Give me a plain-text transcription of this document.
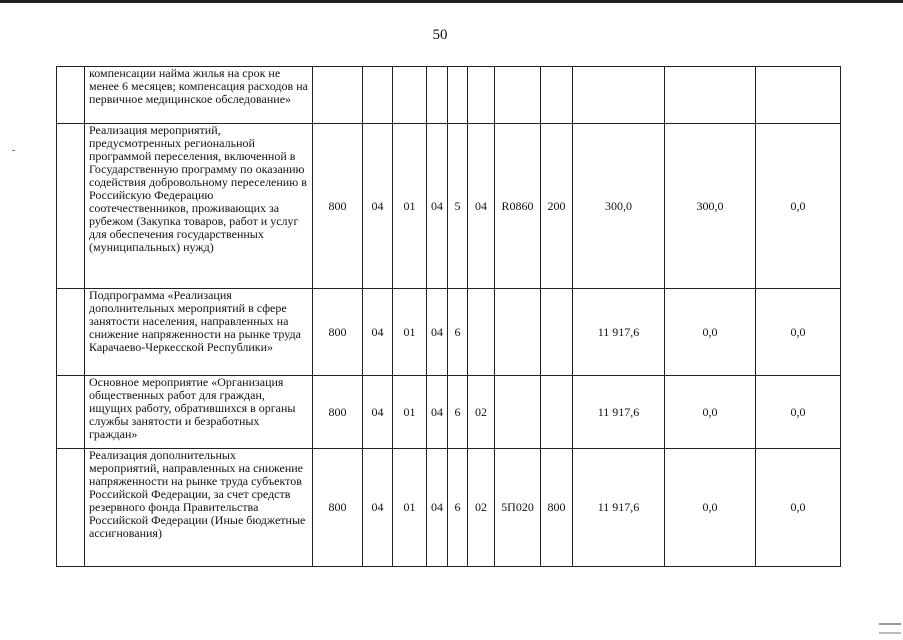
50
	компенсации найма жилья на срок не менее 6 месяцев; компенсация расходов на первичное медицинское обследование»											
	Реализация мероприятий, предусмотренных региональной программой переселения, включенной в Государственную программу по оказанию содействия добровольному переселению в Российскую Федерацию соотечественников, проживающих за рубежом (Закупка товаров, работ и услуг для обеспечения государственных (муниципальных) нужд)	800	04	01	04	5	04	R0860	200	300,0	300,0	0,0
	Подпрограмма «Реализация дополнительных мероприятий в сфере занятости населения, направленных на снижение напряженности на рынке труда Карачаево-Черкесской Республики»	800	04	01	04	6				11 917,6	0,0	0,0
	Основное мероприятие «Организация общественных работ для граждан, ищущих работу, обратившихся в органы службы занятости и безработных граждан»	800	04	01	04	6	02			11 917,6	0,0	0,0
	Реализация дополнительных мероприятий, направленных на снижение напряженности на рынке труда субъектов Российской Федерации, за счет средств резервного фонда Правительства Российской Федерации (Иные бюджетные ассигнования)	800	04	01	04	6	02	5П020	800	11 917,6	0,0	0,0
